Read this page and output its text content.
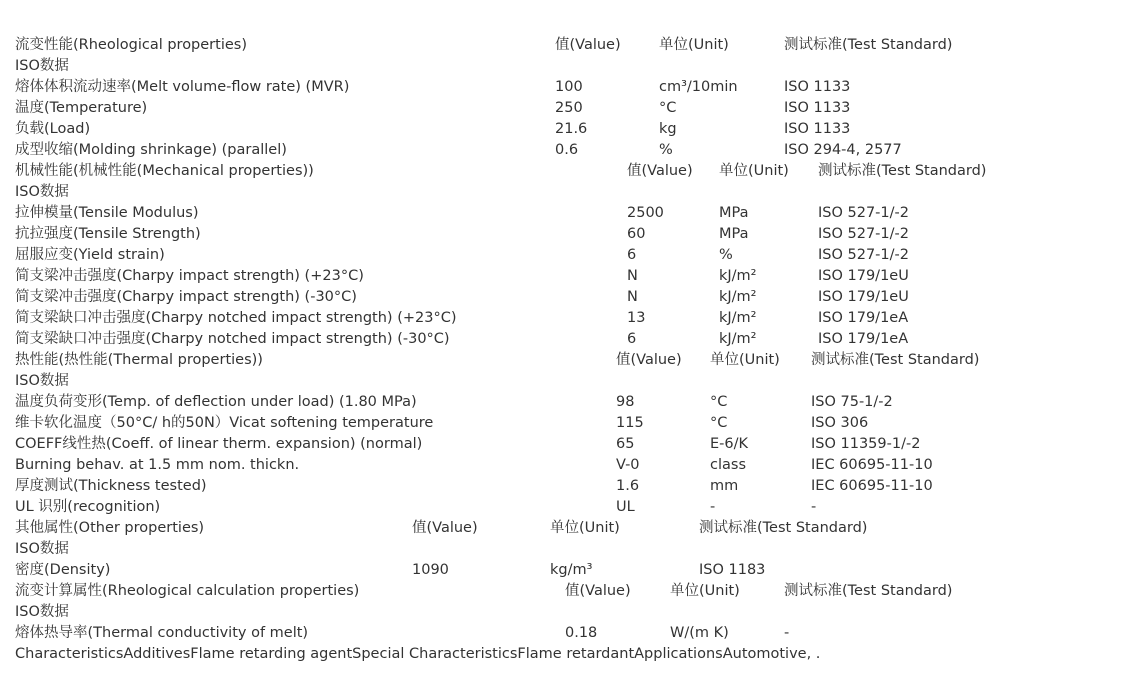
流变性能(Rheological properties)	值(Value)	单位(Unit)	测试标准(Test Standard)
ISO数据
熔体体积流动速率(Melt volume-flow rate) (MVR)	100	cm³/10min	ISO 1133
温度(Temperature)	250	°C	ISO 1133
负载(Load)	21.6	kg	ISO 1133
成型收缩(Molding shrinkage) (parallel)	0.6	%	ISO 294-4, 2577
机械性能(机械性能(Mechanical properties))	值(Value) 单位(Unit) 测试标准(Test Standard)
ISO数据
拉伸模量(Tensile Modulus)	2500	MPa	ISO 527-1/-2
抗拉强度(Tensile Strength)	60	MPa	ISO 527-1/-2
屈服应变(Yield strain)	6	%	ISO 527-1/-2
简支梁冲击强度(Charpy impact strength) (+23°C)	N	kJ/m²	ISO 179/1eU
简支梁冲击强度(Charpy impact strength) (-30°C)	N	kJ/m²	ISO 179/1eU
简支梁缺口冲击强度(Charpy notched impact strength) (+23°C)	13	kJ/m²	ISO 179/1eA
简支梁缺口冲击强度(Charpy notched impact strength) (-30°C)	6	kJ/m²	ISO 179/1eA
热性能(热性能(Thermal properties))	值(Value) 单位(Unit) 测试标准(Test Standard)
ISO数据
温度负荷变形(Temp. of deflection under load) (1.80 MPa)	98	°C	ISO 75-1/-2
维卡软化温度（50°C/ h的50N）Vicat softening temperature	115	°C	ISO 306
COEFF线性热(Coeff. of linear therm. expansion) (normal)	65	E-6/K	ISO 11359-1/-2
Burning behav. at 1.5 mm nom. thickn.	V-0	class	IEC 60695-11-10
厚度测试(Thickness tested)	1.6	mm	IEC 60695-11-10
UL 识别(recognition)	UL	-	-
其他属性(Other properties)	值(Value)	单位(Unit)	测试标准(Test Standard)
ISO数据
密度(Density)	1090	kg/m³	ISO 1183
流变计算属性(Rheological calculation properties)	值(Value)	单位(Unit)	测试标准(Test Standard)
ISO数据
熔体热导率(Thermal conductivity of melt)	0.18	W/(m K)	-
CharacteristicsAdditivesFlame retarding agentSpecial CharacteristicsFlame retardantApplicationsAutomotive, .
